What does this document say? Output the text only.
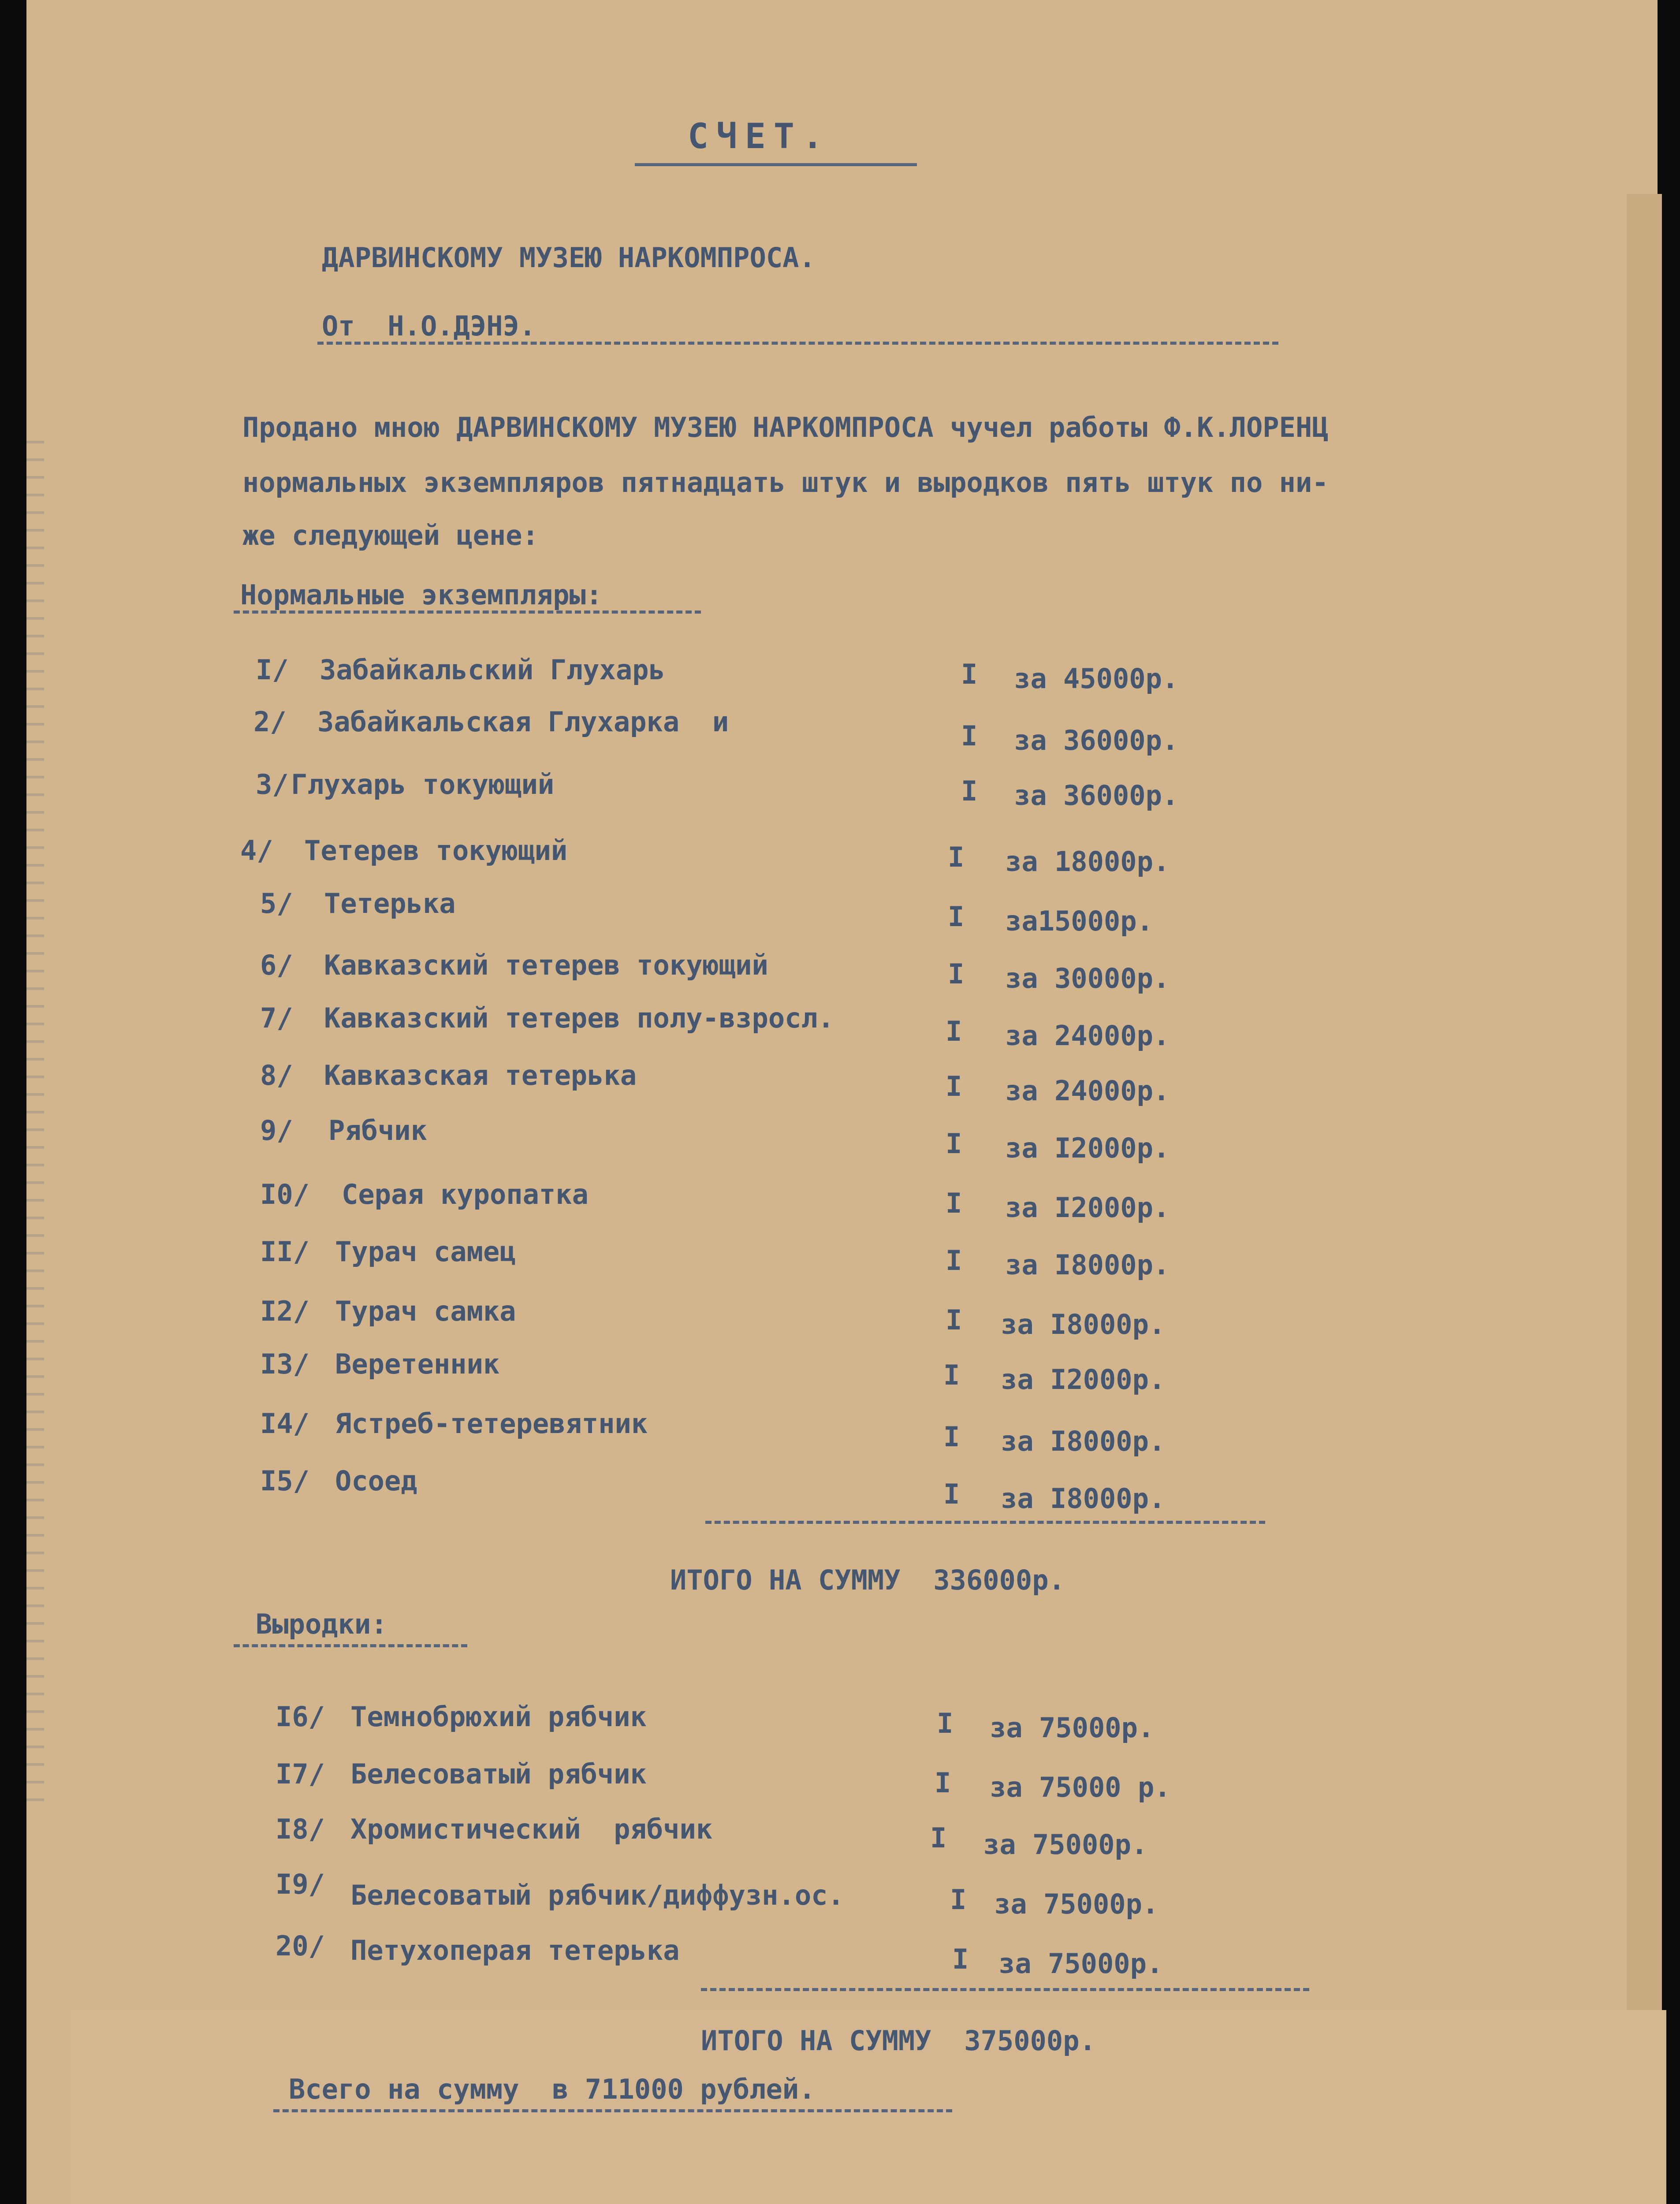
СЧЕТ.
ДАРВИНСКОМУ МУЗЕЮ НАРКОМПРОСА.
От  Н.О.ДЭНЭ.
Продано мною ДАРВИНСКОМУ МУЗЕЮ НАРКОМПРОСА чучел работы Ф.К.ЛОРЕНЦ
нормальных экземпляров пятнадцать штук и выродков пять штук по ни-
же следующей цене:
Нормальные экземпляры:
I/ Забайкальский Глухарь	I за 45000р.
2/ Забайкальская Глухарка  и	I за 36000р.
3/ Глухарь токующий	I за 36000р.
4/ Тетерев токующий	I за 18000р.
5/ Тетерька	I за15000р.
6/ Кавказский тетерев токующий	I за 30000р.
7/ Кавказский тетерев полу-взросл.	I за 24000р.
8/ Кавказская тетерька	I за 24000р.
9/ Рябчик	I за I2000р.
I0/ Серая куропатка	I за I2000р.
II/ Турач самец	I за I8000р.
I2/ Турач самка	I за I8000р.
I3/ Веретенник	I за I2000р.
I4/ Ястреб-тетеревятник	I за I8000р.
I5/ Осоед	I за I8000р.
ИТОГО НА СУММУ  336000р.
Выродки:
I6/ Темнобрюхий рябчик	I за 75000р.
I7/ Белесоватый рябчик	I за 75000 р.
I8/ Хромистический  рябчик	I за 75000р.
I9/ Белесоватый рябчик/диффузн.ос.	I за 75000р.
20/ Петухоперая тетерька	I за 75000р.
ИТОГО НА СУММУ  375000р.
Всего на сумму  в 711000 рублей.
